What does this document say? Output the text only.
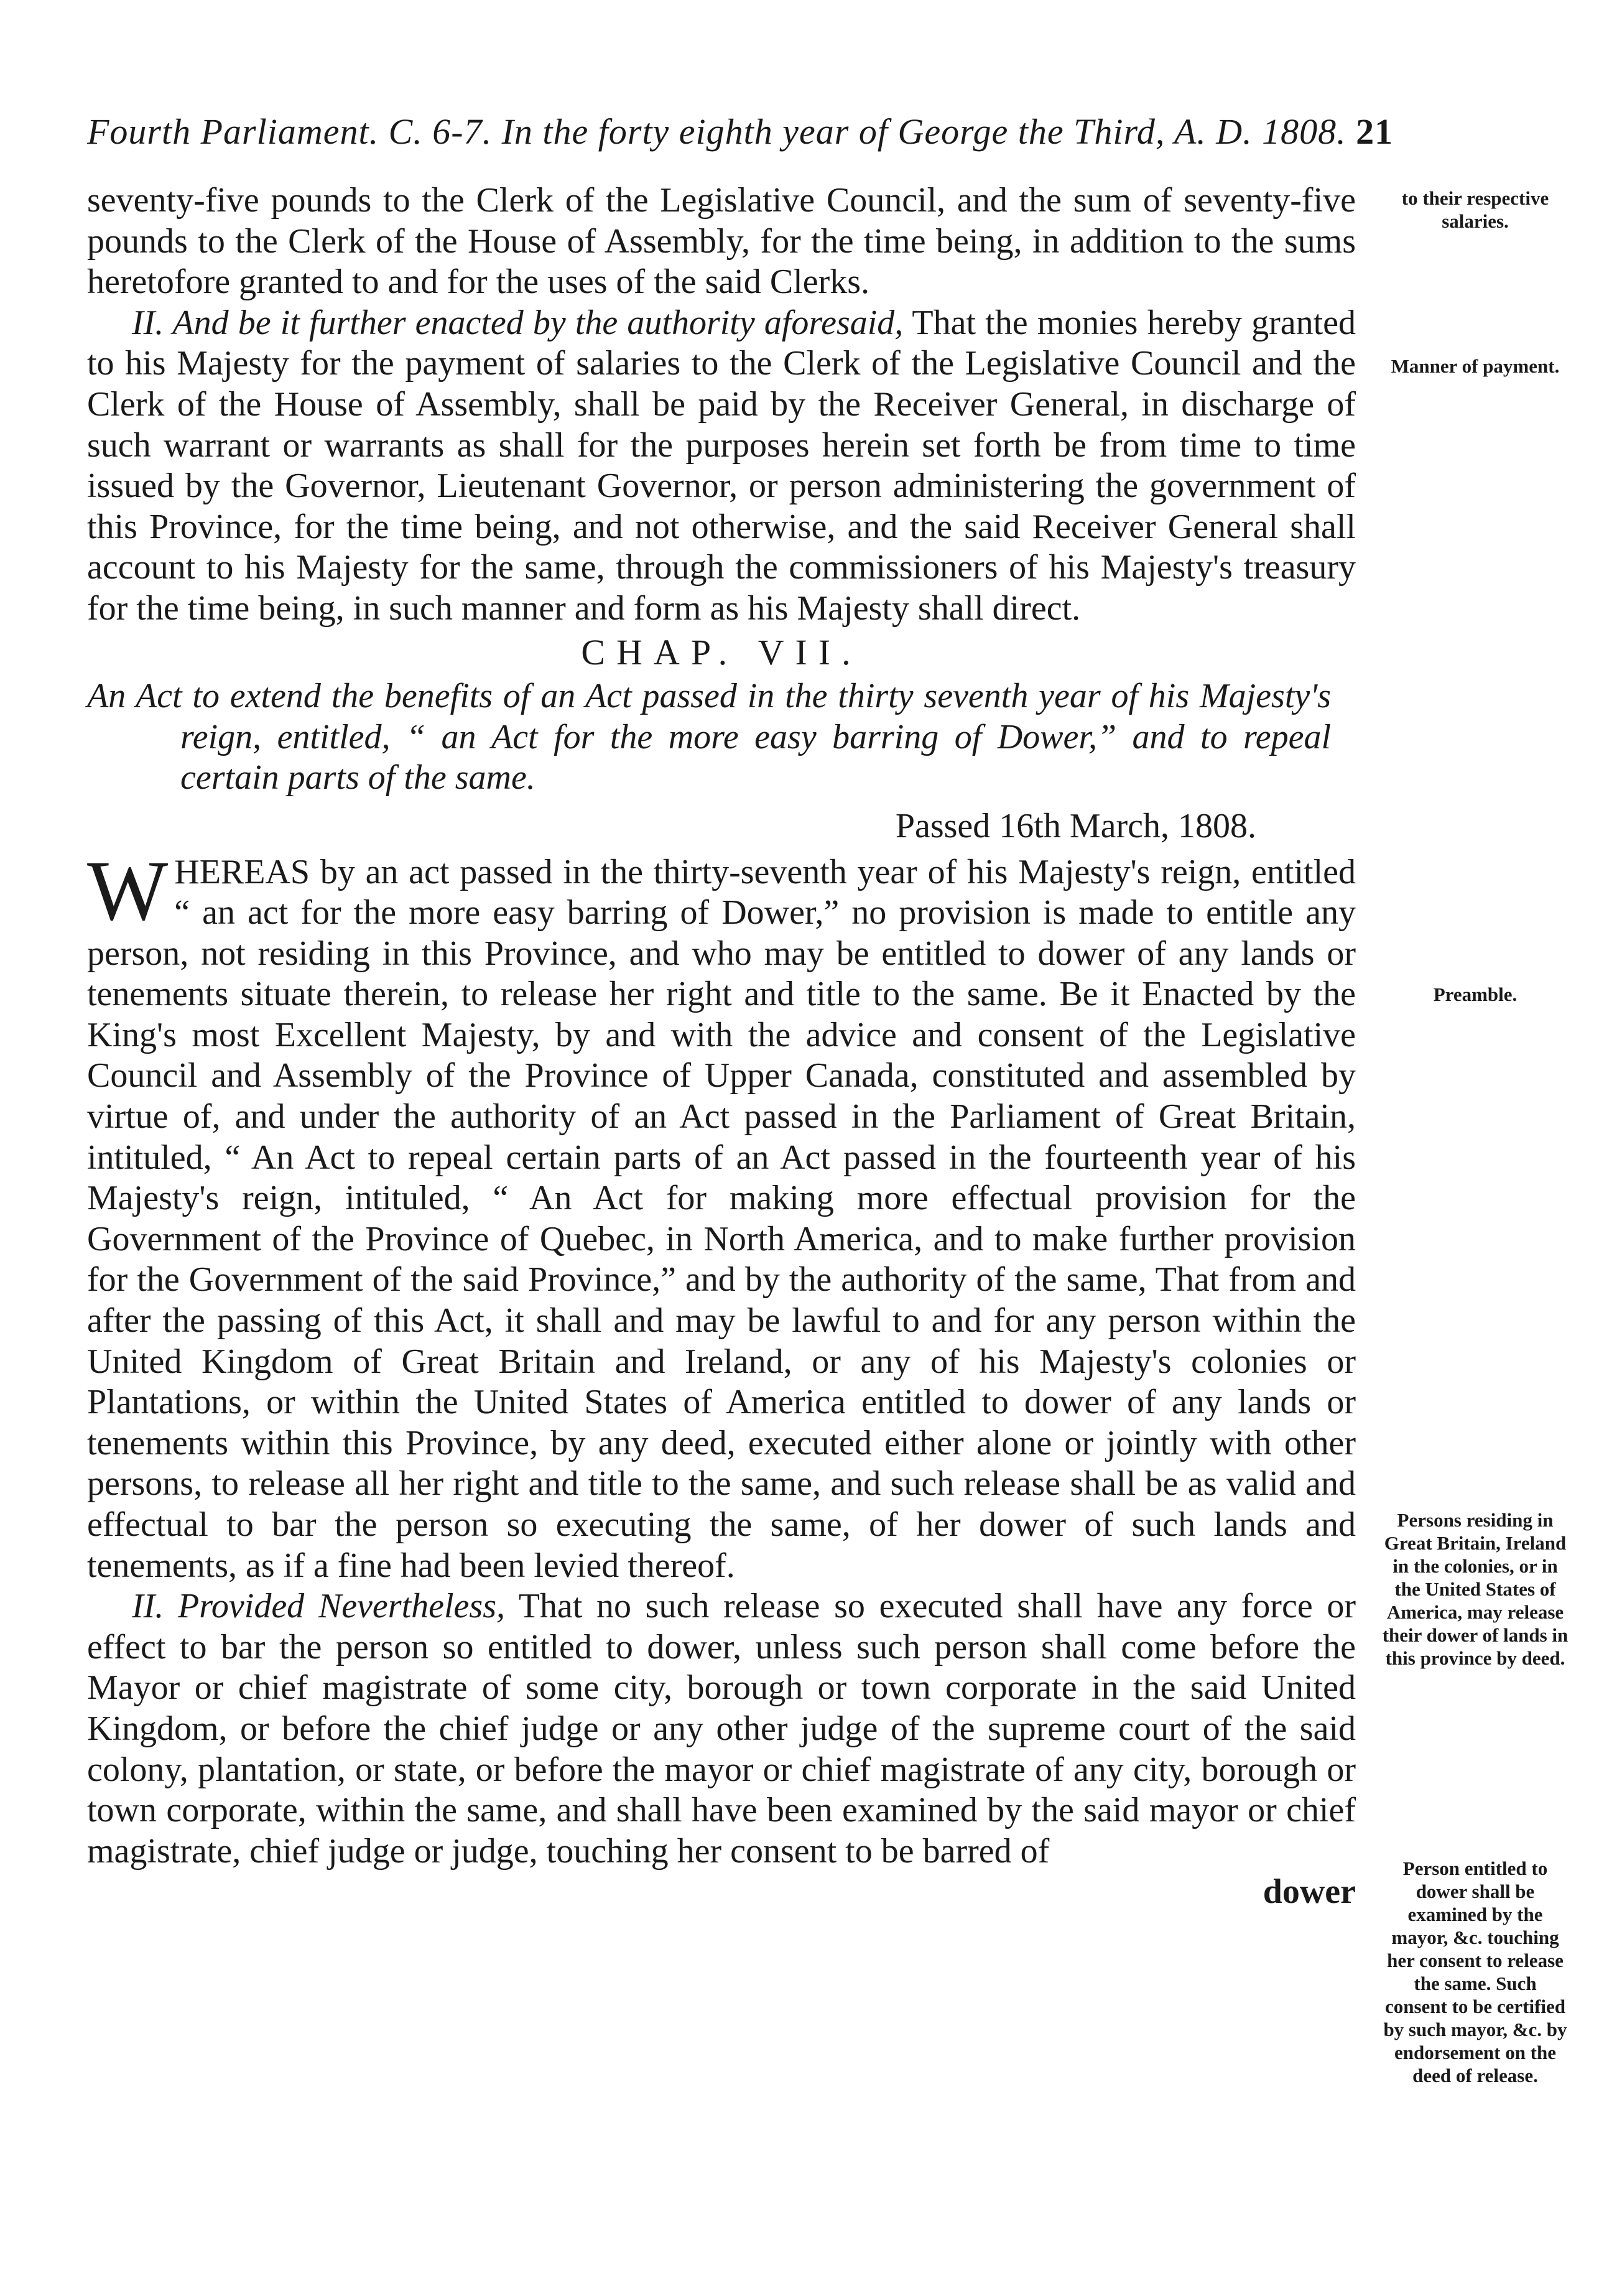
Fourth Parliament. C. 6-7. In the forty eighth year of George the Third, A. D. 1808. 21

seventy-five pounds to the Clerk of the Legislative Council, and the sum of seventy-five pounds to the Clerk of the House of Assembly, for the time being, in addition to the sums heretofore granted to and for the uses of the said Clerks.

II. And be it further enacted by the authority aforesaid, That the monies hereby granted to his Majesty for the payment of salaries to the Clerk of the Legislative Council and the Clerk of the House of Assembly, shall be paid by the Receiver General, in discharge of such warrant or warrants as shall for the purposes herein set forth be from time to time issued by the Governor, Lieutenant Governor, or person administering the government of this Province, for the time being, and not otherwise, and the said Receiver General shall account to his Majesty for the same, through the commissioners of his Majesty's treasury for the time being, in such manner and form as his Majesty shall direct.

CHAP. VII.

An Act to extend the benefits of an Act passed in the thirty seventh year of his Majesty's reign, entitled, “ an Act for the more easy barring of Dower,” and to repeal certain parts of the same.

Passed 16th March, 1808.

WHEREAS by an act passed in the thirty-seventh year of his Majesty's reign, entitled “ an act for the more easy barring of Dower,” no provision is made to entitle any person, not residing in this Province, and who may be entitled to dower of any lands or tenements situate therein, to release her right and title to the same. Be it Enacted by the King's most Excellent Majesty, by and with the advice and consent of the Legislative Council and Assembly of the Province of Upper Canada, constituted and assembled by virtue of, and under the authority of an Act passed in the Parliament of Great Britain, intituled, “ An Act to repeal certain parts of an Act passed in the fourteenth year of his Majesty's reign, intituled, “ An Act for making more effectual provision for the Government of the Province of Quebec, in North America, and to make further provision for the Government of the said Province,” and by the authority of the same, That from and after the passing of this Act, it shall and may be lawful to and for any person within the United Kingdom of Great Britain and Ireland, or any of his Majesty's colonies or Plantations, or within the United States of America entitled to dower of any lands or tenements within this Province, by any deed, executed either alone or jointly with other persons, to release all her right and title to the same, and such release shall be as valid and effectual to bar the person so executing the same, of her dower of such lands and tenements, as if a fine had been levied thereof.

II. Provided Nevertheless, That no such release so executed shall have any force or effect to bar the person so entitled to dower, unless such person shall come before the Mayor or chief magistrate of some city, borough or town corporate in the said United Kingdom, or before the chief judge or any other judge of the supreme court of the said colony, plantation, or state, or before the mayor or chief magistrate of any city, borough or town corporate, within the same, and shall have been examined by the said mayor or chief magistrate, chief judge or judge, touching her consent to be barred of

dower

to their respective salaries.
Manner of payment.
Preamble.
Persons residing in Great Britain, Ireland in the colonies, or in the United States of America, may release their dower of lands in this province by deed.
Person entitled to dower shall be examined by the mayor, &c. touching her consent to release the same. Such consent to be certified by such mayor, &c. by endorsement on the deed of release.
